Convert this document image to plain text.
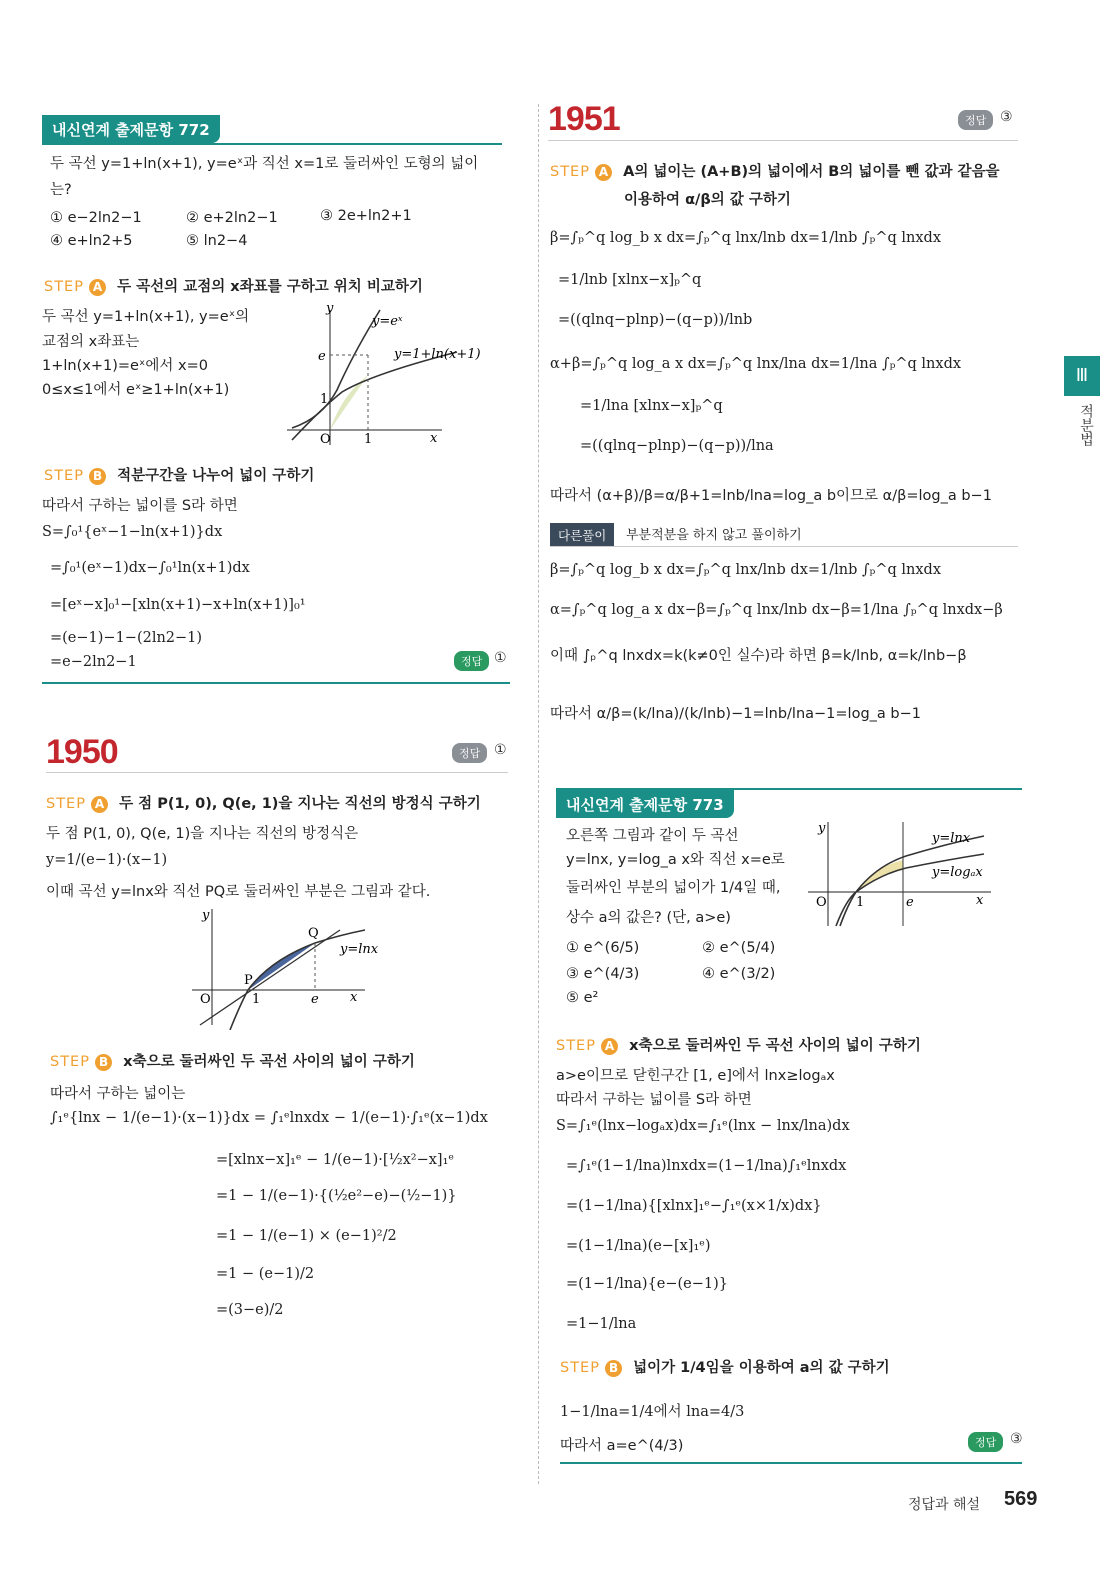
Ⅲ
적분법
내신연계 출제문항 772
두 곡선 y=1+ln(x+1), y=eˣ과 직선 x=1로 둘러싸인 도형의 넓이
는?
① e−2ln2−1	② e+2ln2−1	③ 2e+ln2+1
④ e+ln2+5	⑤ ln2−4
STEP A 두 곡선의 교점의 x좌표를 구하고 위치 비교하기
두 곡선 y=1+ln(x+1), y=eˣ의
교점의 x좌표는
1+ln(x+1)=eˣ에서 x=0
0≤x≤1에서 eˣ≥1+ln(x+1)
y=eˣ
y=1+ln(x+1)
e
1
O	1	x
y
STEP B 적분구간을 나누어 넓이 구하기
따라서 구하는 넓이를 S라 하면
S=∫₀¹{eˣ−1−ln(x+1)}dx
=∫₀¹(eˣ−1)dx−∫₀¹ln(x+1)dx
=[eˣ−x]₀¹−[xln(x+1)−x+ln(x+1)]₀¹
=(e−1)−1−(2ln2−1)
=e−2ln2−1	정답 ①
1950	정답 ①
STEP A 두 점 P(1, 0), Q(e, 1)을 지나는 직선의 방정식 구하기
두 점 P(1, 0), Q(e, 1)을 지나는 직선의 방정식은
y=1/(e−1)·(x−1)
이때 곡선 y=lnx와 직선 PQ로 둘러싸인 부분은 그림과 같다.
Q
P
y=lnx
O	1	e x
y
STEP B x축으로 둘러싸인 두 곡선 사이의 넓이 구하기
따라서 구하는 넓이는
∫₁ᵉ{lnx − 1/(e−1)·(x−1)}dx = ∫₁ᵉlnxdx − 1/(e−1)·∫₁ᵉ(x−1)dx
=[xlnx−x]₁ᵉ − 1/(e−1)·[½x²−x]₁ᵉ
=1 − 1/(e−1)·{(½e²−e)−(½−1)}
=1 − 1/(e−1) × (e−1)²/2
=1 − (e−1)/2
=(3−e)/2
1951	정답 ③
STEP A A의 넓이는 (A+B)의 넓이에서 B의 넓이를 뺀 값과 같음을
이용하여 α/β의 값 구하기
β=∫ₚ^q log_b x dx=∫ₚ^q lnx/lnb dx=1/lnb ∫ₚ^q lnxdx
=1/lnb [xlnx−x]ₚ^q
=((qlnq−plnp)−(q−p))/lnb
α+β=∫ₚ^q log_a x dx=∫ₚ^q lnx/lna dx=1/lna ∫ₚ^q lnxdx
=1/lna [xlnx−x]ₚ^q
=((qlnq−plnp)−(q−p))/lna
따라서 (α+β)/β=α/β+1=lnb/lna=log_a b이므로 α/β=log_a b−1
다른풀이	부분적분을 하지 않고 풀이하기
β=∫ₚ^q log_b x dx=∫ₚ^q lnx/lnb dx=1/lnb ∫ₚ^q lnxdx
α=∫ₚ^q log_a x dx−β=∫ₚ^q lnx/lnb dx−β=1/lna ∫ₚ^q lnxdx−β
이때 ∫ₚ^q lnxdx=k(k≠0인 실수)라 하면 β=k/lnb, α=k/lnb−β
따라서 α/β=(k/lna)/(k/lnb)−1=lnb/lna−1=log_a b−1
내신연계 출제문항 773
오른쪽 그림과 같이 두 곡선
y=lnx, y=log_a x와 직선 x=e로
둘러싸인 부분의 넓이가 1/4일 때,
상수 a의 값은? (단, a>e)
① e^(6/5)	② e^(5/4)
③ e^(4/3)	④ e^(3/2)
⑤ e²
y=lnx
y=logₐx
O 1	e	x
y
STEP A x축으로 둘러싸인 두 곡선 사이의 넓이 구하기
a>e이므로 닫힌구간 [1, e]에서 lnx≥logₐx
따라서 구하는 넓이를 S라 하면
S=∫₁ᵉ(lnx−logₐx)dx=∫₁ᵉ(lnx − lnx/lna)dx
=∫₁ᵉ(1−1/lna)lnxdx=(1−1/lna)∫₁ᵉlnxdx
=(1−1/lna){[xlnx]₁ᵉ−∫₁ᵉ(x×1/x)dx}
=(1−1/lna)(e−[x]₁ᵉ)
=(1−1/lna){e−(e−1)}
=1−1/lna
STEP B 넓이가 1/4임을 이용하여 a의 값 구하기
1−1/lna=1/4에서 lna=4/3
따라서 a=e^(4/3)	정답 ③
정답과 해설 569
